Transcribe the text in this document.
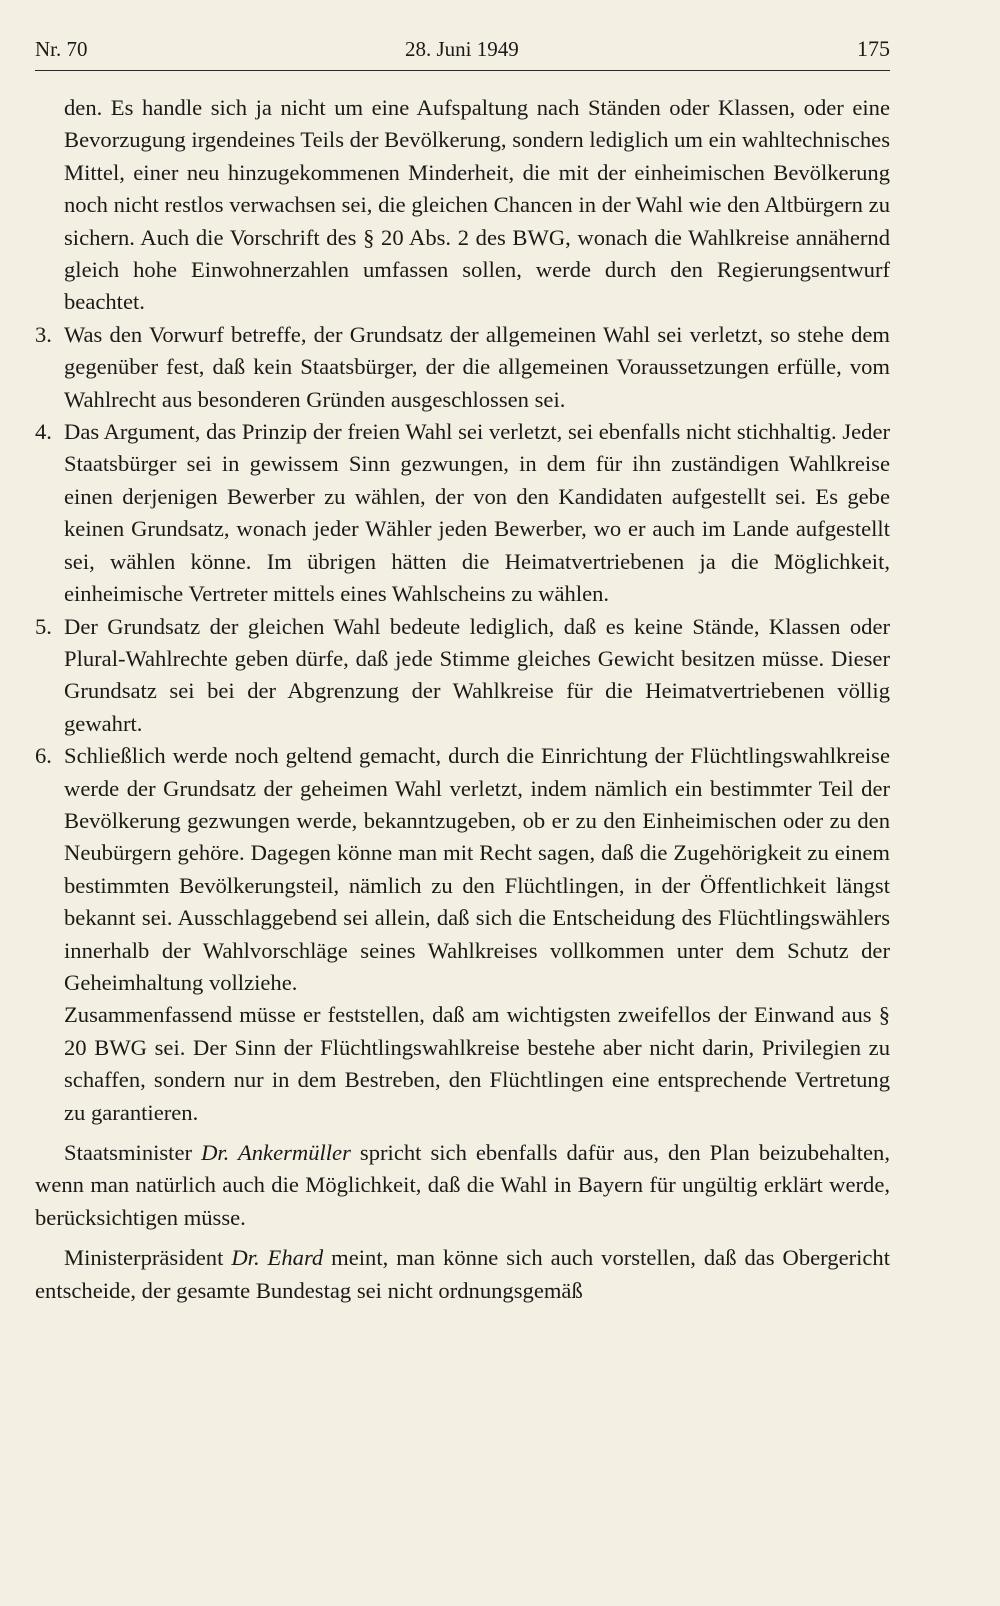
Nr. 70	28. Juni 1949	175

den. Es handle sich ja nicht um eine Aufspaltung nach Ständen oder Klassen, oder eine Bevorzugung irgendeines Teils der Bevölkerung, sondern lediglich um ein wahltechnisches Mittel, einer neu hinzugekommenen Minderheit, die mit der einheimischen Bevölkerung noch nicht restlos verwachsen sei, die gleichen Chancen in der Wahl wie den Altbürgern zu sichern. Auch die Vorschrift des § 20 Abs. 2 des BWG, wonach die Wahlkreise annähernd gleich hohe Einwohnerzahlen umfassen sollen, werde durch den Regierungsentwurf beachtet.

3. Was den Vorwurf betreffe, der Grundsatz der allgemeinen Wahl sei verletzt, so stehe dem gegenüber fest, daß kein Staatsbürger, der die allgemeinen Voraussetzungen erfülle, vom Wahlrecht aus besonderen Gründen ausgeschlossen sei.
4. Das Argument, das Prinzip der freien Wahl sei verletzt, sei ebenfalls nicht stichhaltig. Jeder Staatsbürger sei in gewissem Sinn gezwungen, in dem für ihn zuständigen Wahlkreise einen derjenigen Bewerber zu wählen, der von den Kandidaten aufgestellt sei. Es gebe keinen Grundsatz, wonach jeder Wähler jeden Bewerber, wo er auch im Lande aufgestellt sei, wählen könne. Im übrigen hätten die Heimatvertriebenen ja die Möglichkeit, einheimische Vertreter mittels eines Wahlscheins zu wählen.
5. Der Grundsatz der gleichen Wahl bedeute lediglich, daß es keine Stände, Klassen oder Plural-Wahlrechte geben dürfe, daß jede Stimme gleiches Gewicht besitzen müsse. Dieser Grundsatz sei bei der Abgrenzung der Wahlkreise für die Heimatvertriebenen völlig gewahrt.
6. Schließlich werde noch geltend gemacht, durch die Einrichtung der Flüchtlingswahlkreise werde der Grundsatz der geheimen Wahl verletzt, indem nämlich ein bestimmter Teil der Bevölkerung gezwungen werde, bekanntzugeben, ob er zu den Einheimischen oder zu den Neubürgern gehöre. Dagegen könne man mit Recht sagen, daß die Zugehörigkeit zu einem bestimmten Bevölkerungsteil, nämlich zu den Flüchtlingen, in der Öffentlichkeit längst bekannt sei. Ausschlaggebend sei allein, daß sich die Entscheidung des Flüchtlingswählers innerhalb der Wahlvorschläge seines Wahlkreises vollkommen unter dem Schutz der Geheimhaltung vollziehe.

Zusammenfassend müsse er feststellen, daß am wichtigsten zweifellos der Einwand aus § 20 BWG sei. Der Sinn der Flüchtlingswahlkreise bestehe aber nicht darin, Privilegien zu schaffen, sondern nur in dem Bestreben, den Flüchtlingen eine entsprechende Vertretung zu garantieren.

Staatsminister Dr. Ankermüller spricht sich ebenfalls dafür aus, den Plan beizubehalten, wenn man natürlich auch die Möglichkeit, daß die Wahl in Bayern für ungültig erklärt werde, berücksichtigen müsse.

Ministerpräsident Dr. Ehard meint, man könne sich auch vorstellen, daß das Obergericht entscheide, der gesamte Bundestag sei nicht ordnungsgemäß
